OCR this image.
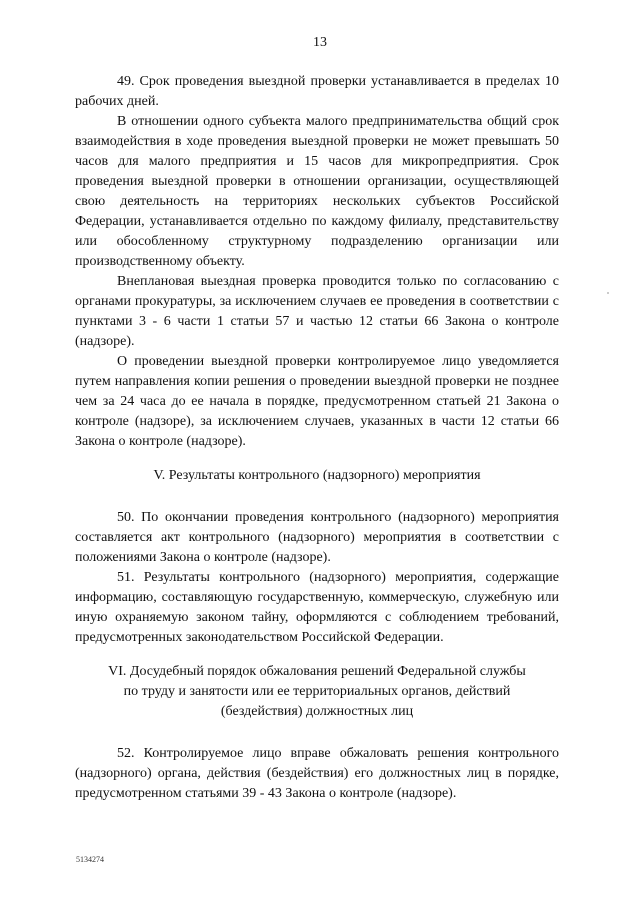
13

49. Срок проведения выездной проверки устанавливается в пределах 10 рабочих дней.

В отношении одного субъекта малого предпринимательства общий срок взаимодействия в ходе проведения выездной проверки не может превышать 50 часов для малого предприятия и 15 часов для микропредприятия. Срок проведения выездной проверки в отношении организации, осуществляющей свою деятельность на территориях нескольких субъектов Российской Федерации, устанавливается отдельно по каждому филиалу, представительству или обособленному структурному подразделению организации или производственному объекту.

Внеплановая выездная проверка проводится только по согласованию с органами прокуратуры, за исключением случаев ее проведения в соответствии с пунктами 3 - 6 части 1 статьи 57 и частью 12 статьи 66 Закона о контроле (надзоре).

О проведении выездной проверки контролируемое лицо уведомляется путем направления копии решения о проведении выездной проверки не позднее чем за 24 часа до ее начала в порядке, предусмотренном статьей 21 Закона о контроле (надзоре), за исключением случаев, указанных в части 12 статьи 66 Закона о контроле (надзоре).

V. Результаты контрольного (надзорного) мероприятия

50. По окончании проведения контрольного (надзорного) мероприятия составляется акт контрольного (надзорного) мероприятия в соответствии с положениями Закона о контроле (надзоре).

51. Результаты контрольного (надзорного) мероприятия, содержащие информацию, составляющую государственную, коммерческую, служебную или иную охраняемую законом тайну, оформляются с соблюдением требований, предусмотренных законодательством Российской Федерации.

VI. Досудебный порядок обжалования решений Федеральной службы
по труду и занятости или ее территориальных органов, действий
(бездействия) должностных лиц

52. Контролируемое лицо вправе обжаловать решения контрольного (надзорного) органа, действия (бездействия) его должностных лиц в порядке, предусмотренном статьями 39 - 43 Закона о контроле (надзоре).

5134274
